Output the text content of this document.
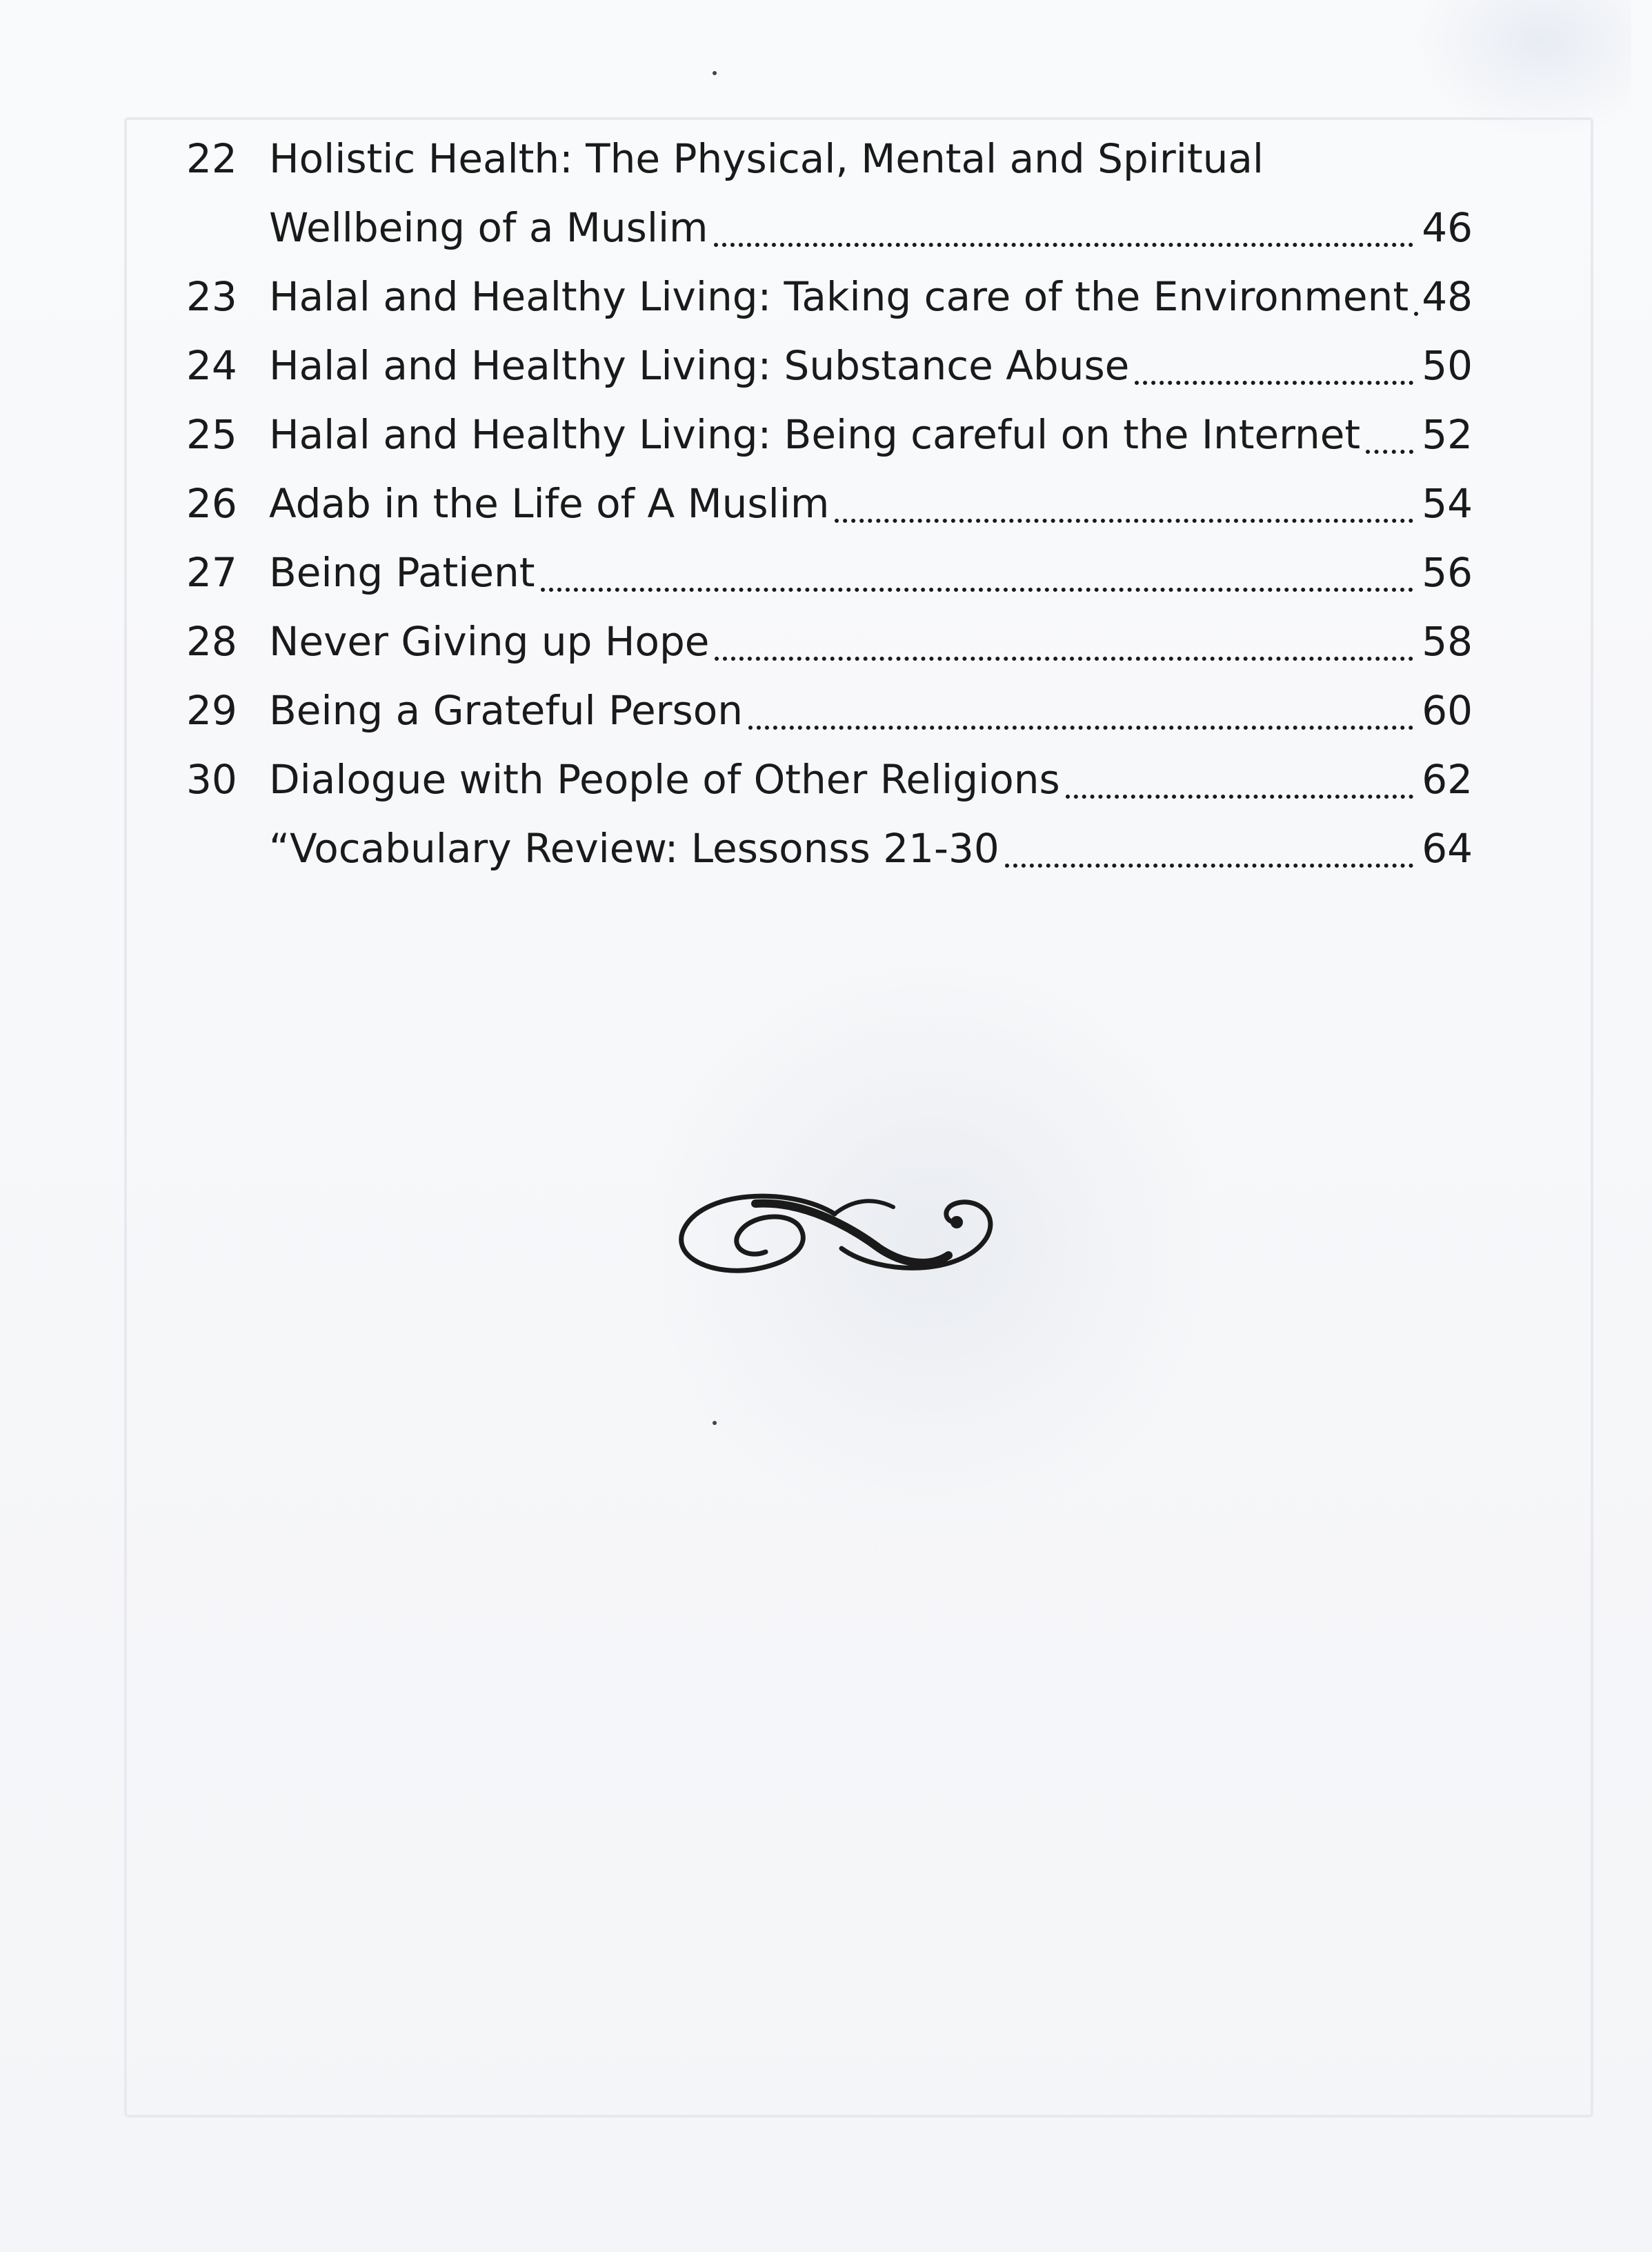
22 Holistic Health: The Physical, Mental and Spiritual
Wellbeing of a Muslim	46
23 Halal and Healthy Living: Taking care of the Environment 48
24 Halal and Healthy Living: Substance Abuse	50
25 Halal and Healthy Living: Being careful on the Internet 52
26 Adab in the Life of A Muslim	54
27 Being Patient	56
28 Never Giving up Hope	58
29 Being a Grateful Person	60
30 Dialogue with People of Other Religions	62
“Vocabulary Review: Lessonss 21-30	64
